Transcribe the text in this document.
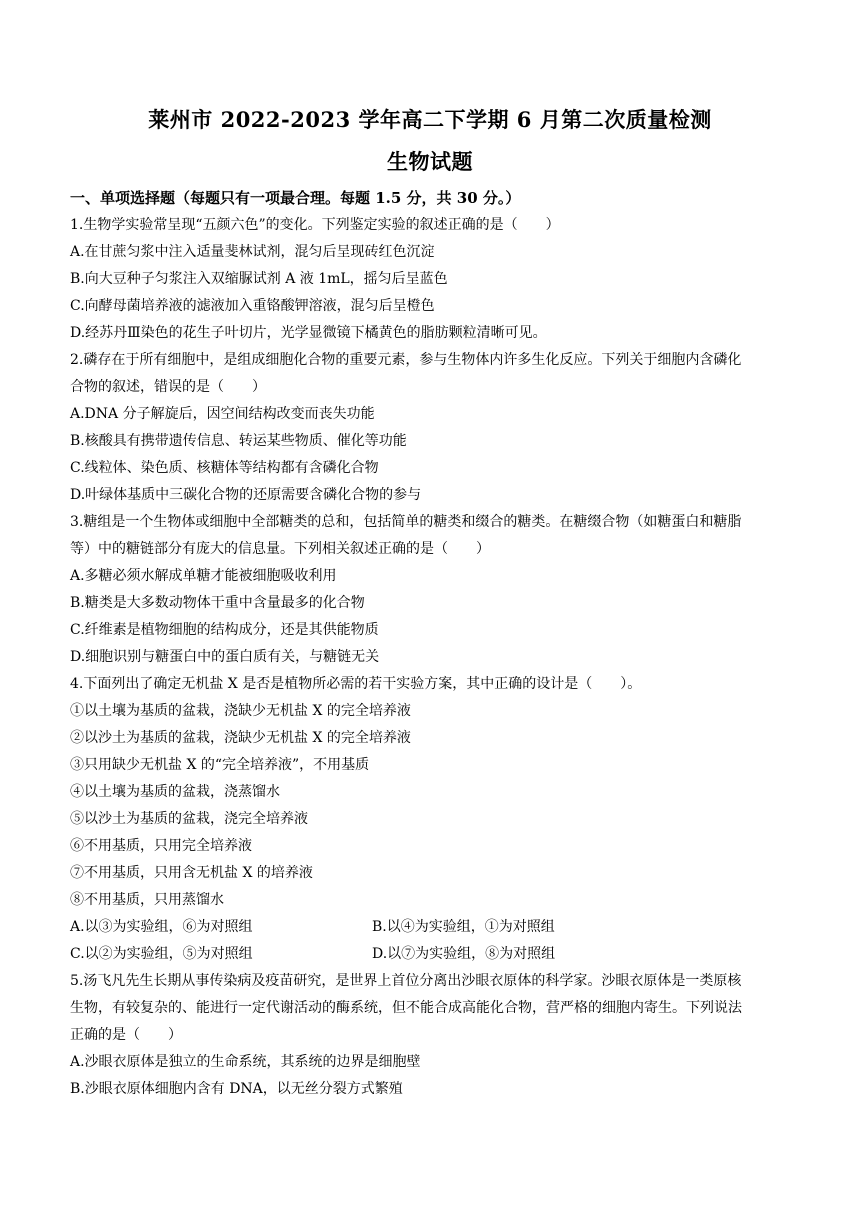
莱州市 2022-2023 学年高二下学期 6 月第二次质量检测
生物试题
一、单项选择题（每题只有一项最合理。每题 1.5 分，共 30 分。）
1.生物学实验常呈现“五颜六色”的变化。下列鉴定实验的叙述正确的是（　　）
A.在甘蔗匀浆中注入适量斐林试剂，混匀后呈现砖红色沉淀
B.向大豆种子匀浆注入双缩脲试剂 A 液 1mL，摇匀后呈蓝色
C.向酵母菌培养液的滤液加入重铬酸钾溶液，混匀后呈橙色
D.经苏丹Ⅲ染色的花生子叶切片，光学显微镜下橘黄色的脂肪颗粒清晰可见。
2.磷存在于所有细胞中，是组成细胞化合物的重要元素，参与生物体内许多生化反应。下列关于细胞内含磷化
合物的叙述，错误的是（　　）
A.DNA 分子解旋后，因空间结构改变而丧失功能
B.核酸具有携带遗传信息、转运某些物质、催化等功能
C.线粒体、染色质、核糖体等结构都有含磷化合物
D.叶绿体基质中三碳化合物的还原需要含磷化合物的参与
3.糖组是一个生物体或细胞中全部糖类的总和，包括简单的糖类和缀合的糖类。在糖缀合物（如糖蛋白和糖脂
等）中的糖链部分有庞大的信息量。下列相关叙述正确的是（　　）
A.多糖必须水解成单糖才能被细胞吸收利用
B.糖类是大多数动物体干重中含量最多的化合物
C.纤维素是植物细胞的结构成分，还是其供能物质
D.细胞识别与糖蛋白中的蛋白质有关，与糖链无关
4.下面列出了确定无机盐 X 是否是植物所必需的若干实验方案，其中正确的设计是（　　）。
①以土壤为基质的盆栽，浇缺少无机盐 X 的完全培养液
②以沙土为基质的盆栽，浇缺少无机盐 X 的完全培养液
③只用缺少无机盐 X 的“完全培养液”，不用基质
④以土壤为基质的盆栽，浇蒸馏水
⑤以沙土为基质的盆栽，浇完全培养液
⑥不用基质，只用完全培养液
⑦不用基质，只用含无机盐 X 的培养液
⑧不用基质，只用蒸馏水
A.以③为实验组，⑥为对照组	B.以④为实验组，①为对照组
C.以②为实验组，⑤为对照组	D.以⑦为实验组，⑧为对照组
5.汤飞凡先生长期从事传染病及疫苗研究，是世界上首位分离出沙眼衣原体的科学家。沙眼衣原体是一类原核
生物，有较复杂的、能进行一定代谢活动的酶系统，但不能合成高能化合物，营严格的细胞内寄生。下列说法
正确的是（　　）
A.沙眼衣原体是独立的生命系统，其系统的边界是细胞壁
B.沙眼衣原体细胞内含有 DNA，以无丝分裂方式繁殖
